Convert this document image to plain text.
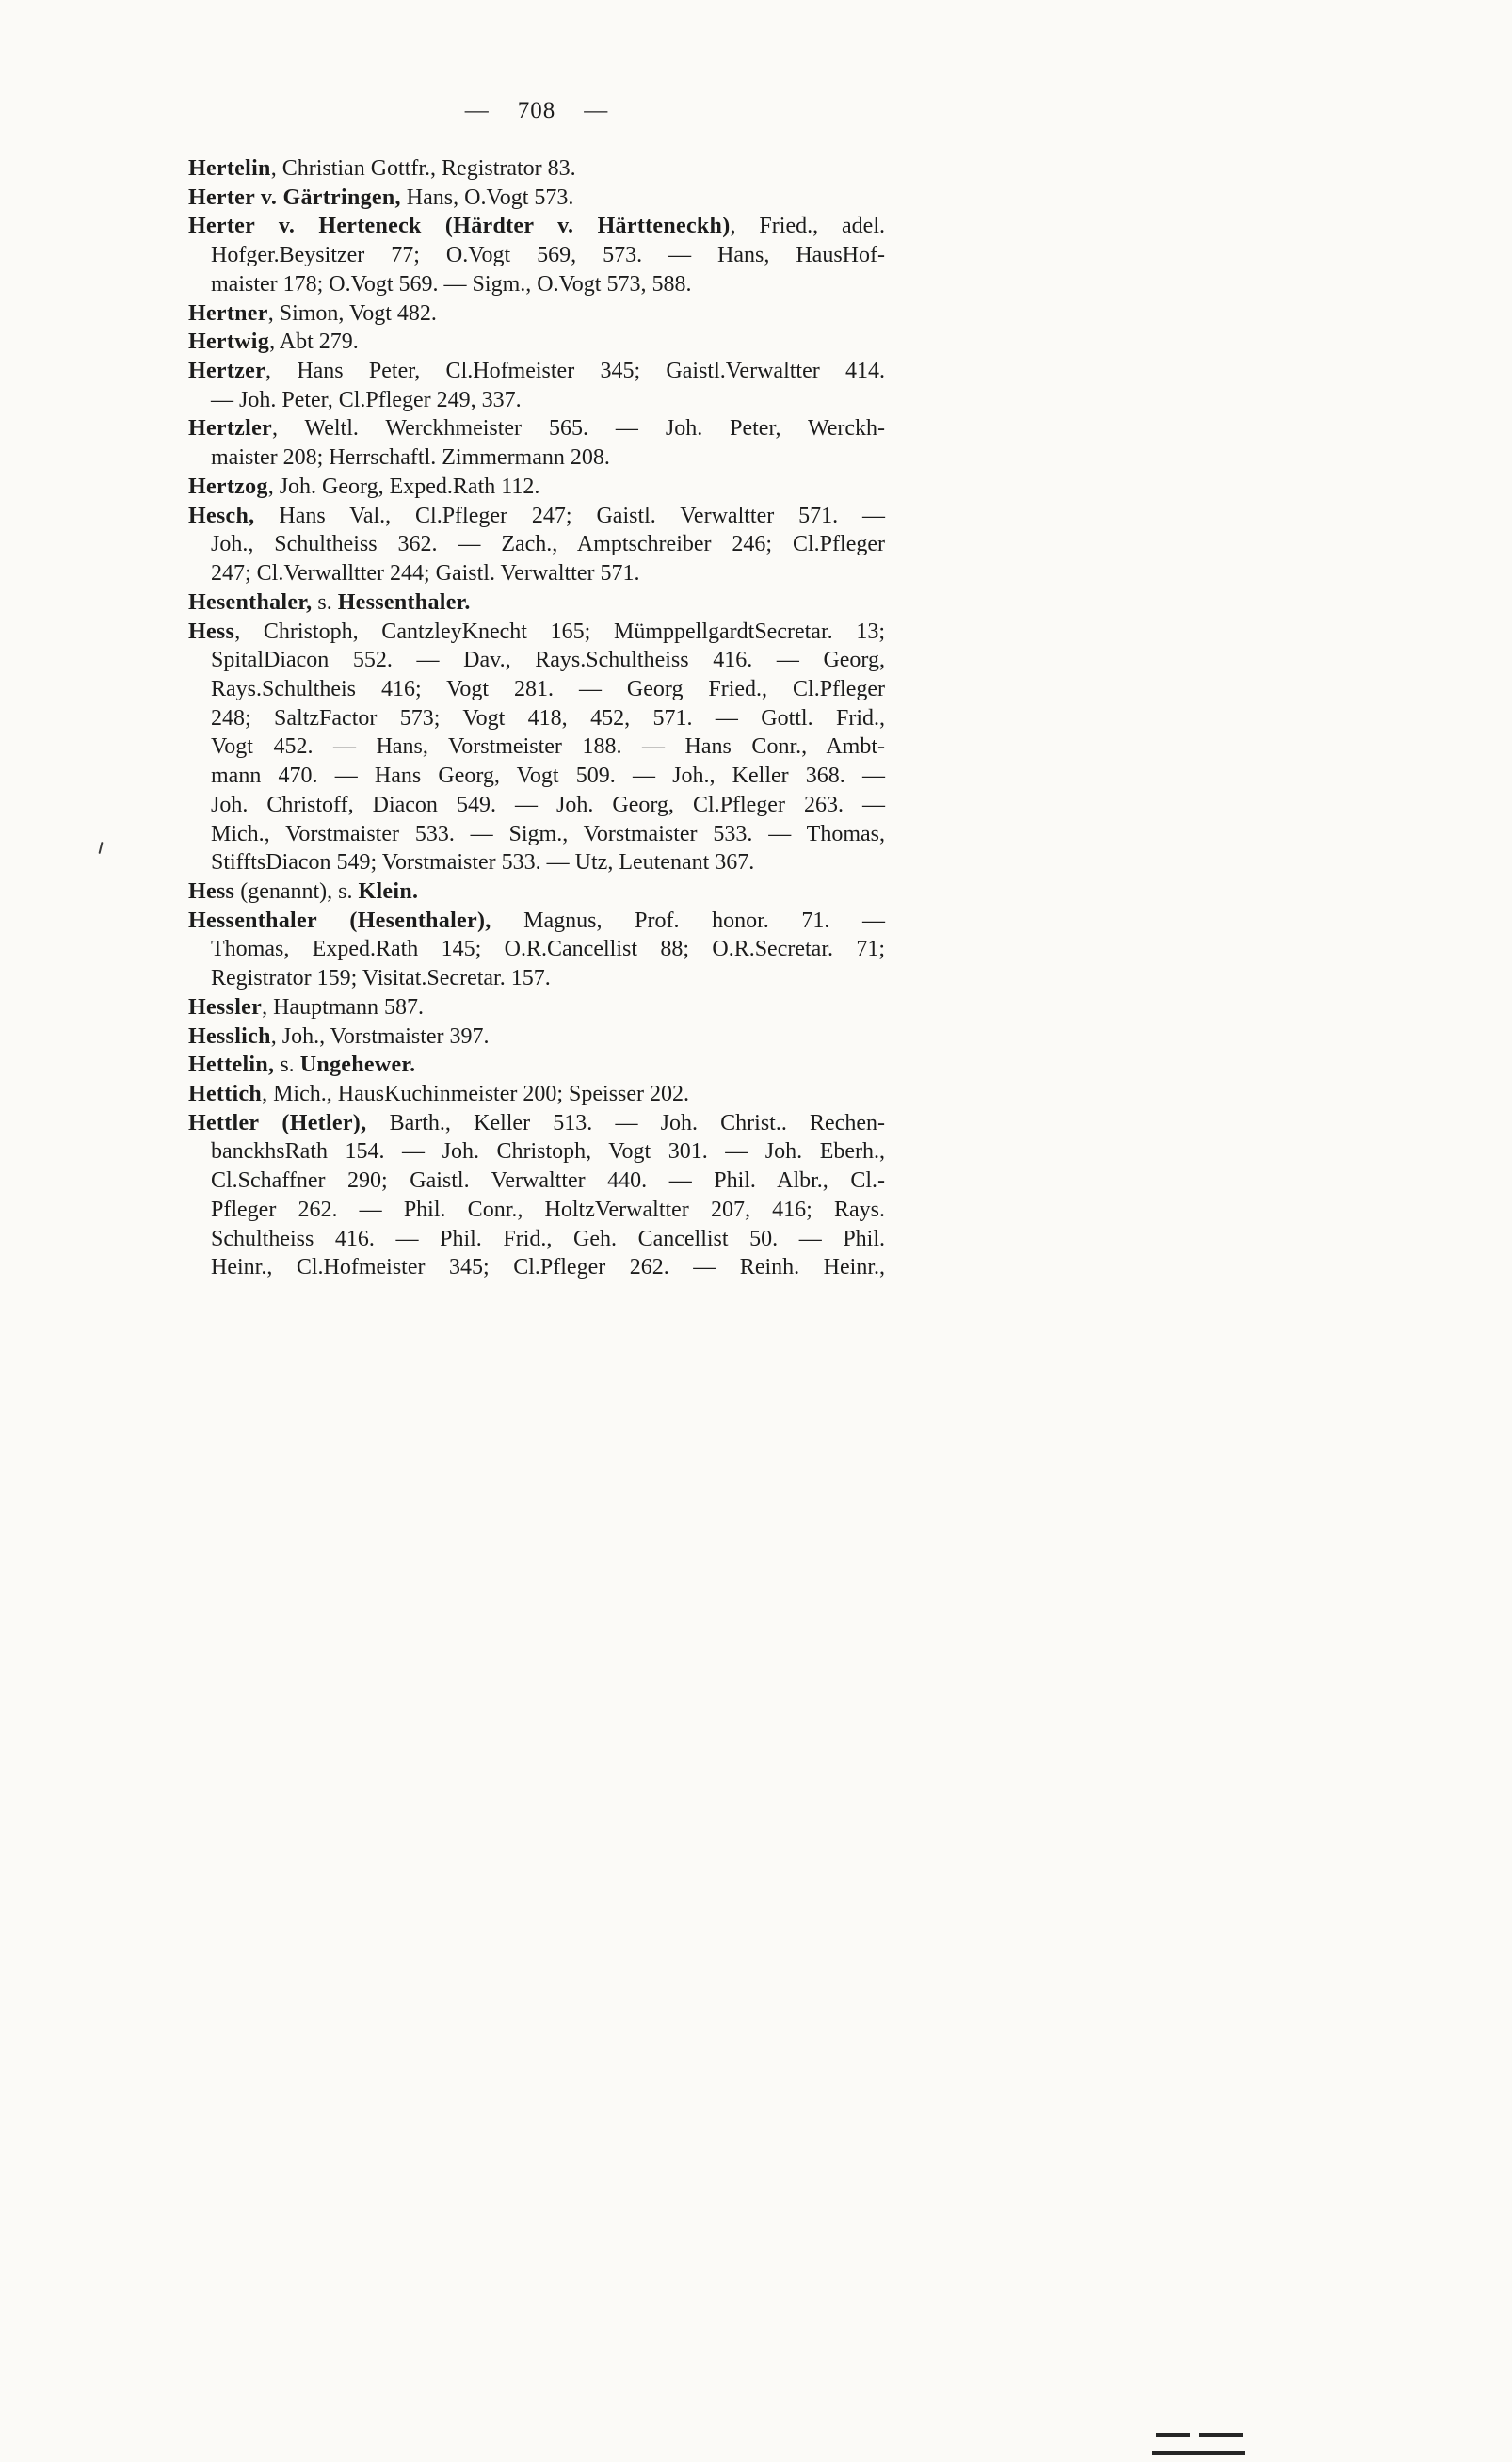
— 708 —
Hertelin, Christian Gottfr., Registrator 83.
Herter v. Gärtringen, Hans, O.Vogt 573.
Herter v. Herteneck (Härdter v. Härtteneckh), Fried., adel.
Hofger.Beysitzer 77; O.Vogt 569, 573. — Hans, HausHof-
maister 178; O.Vogt 569. — Sigm., O.Vogt 573, 588.
Hertner, Simon, Vogt 482.
Hertwig, Abt 279.
Hertzer, Hans Peter, Cl.Hofmeister 345; Gaistl.Verwaltter 414.
— Joh. Peter, Cl.Pfleger 249, 337.
Hertzler, Weltl. Werckhmeister 565. — Joh. Peter, Werckh-
maister 208; Herrschaftl. Zimmermann 208.
Hertzog, Joh. Georg, Exped.Rath 112.
Hesch, Hans Val., Cl.Pfleger 247; Gaistl. Verwaltter 571. —
Joh., Schultheiss 362. — Zach., Amptschreiber 246; Cl.Pfleger
247; Cl.Verwalltter 244; Gaistl. Verwaltter 571.
Hesenthaler, s. Hessenthaler.
Hess, Christoph, CantzleyKnecht 165; MümppellgardtSecretar. 13;
SpitalDiacon 552. — Dav., Rays.Schultheiss 416. — Georg,
Rays.Schultheis 416; Vogt 281. — Georg Fried., Cl.Pfleger
248; SaltzFactor 573; Vogt 418, 452, 571. — Gottl. Frid.,
Vogt 452. — Hans, Vorstmeister 188. — Hans Conr., Ambt-
mann 470. — Hans Georg, Vogt 509. — Joh., Keller 368. —
Joh. Christoff, Diacon 549. — Joh. Georg, Cl.Pfleger 263. —
Mich., Vorstmaister 533. — Sigm., Vorstmaister 533. — Thomas,
StifftsDiacon 549; Vorstmaister 533. — Utz, Leutenant 367.
Hess (genannt), s. Klein.
Hessenthaler (Hesenthaler), Magnus, Prof. honor. 71. —
Thomas, Exped.Rath 145; O.R.Cancellist 88; O.R.Secretar. 71;
Registrator 159; Visitat.Secretar. 157.
Hessler, Hauptmann 587.
Hesslich, Joh., Vorstmaister 397.
Hettelin, s. Ungehewer.
Hettich, Mich., HausKuchinmeister 200; Speisser 202.
Hettler (Hetler), Barth., Keller 513. — Joh. Christ.. Rechen-
banckhsRath 154. — Joh. Christoph, Vogt 301. — Joh. Eberh.,
Cl.Schaffner 290; Gaistl. Verwaltter 440. — Phil. Albr., Cl.-
Pfleger 262. — Phil. Conr., HoltzVerwaltter 207, 416; Rays.
Schultheiss 416. — Phil. Frid., Geh. Cancellist 50. — Phil.
Heinr., Cl.Hofmeister 345; Cl.Pfleger 262. — Reinh. Heinr.,
